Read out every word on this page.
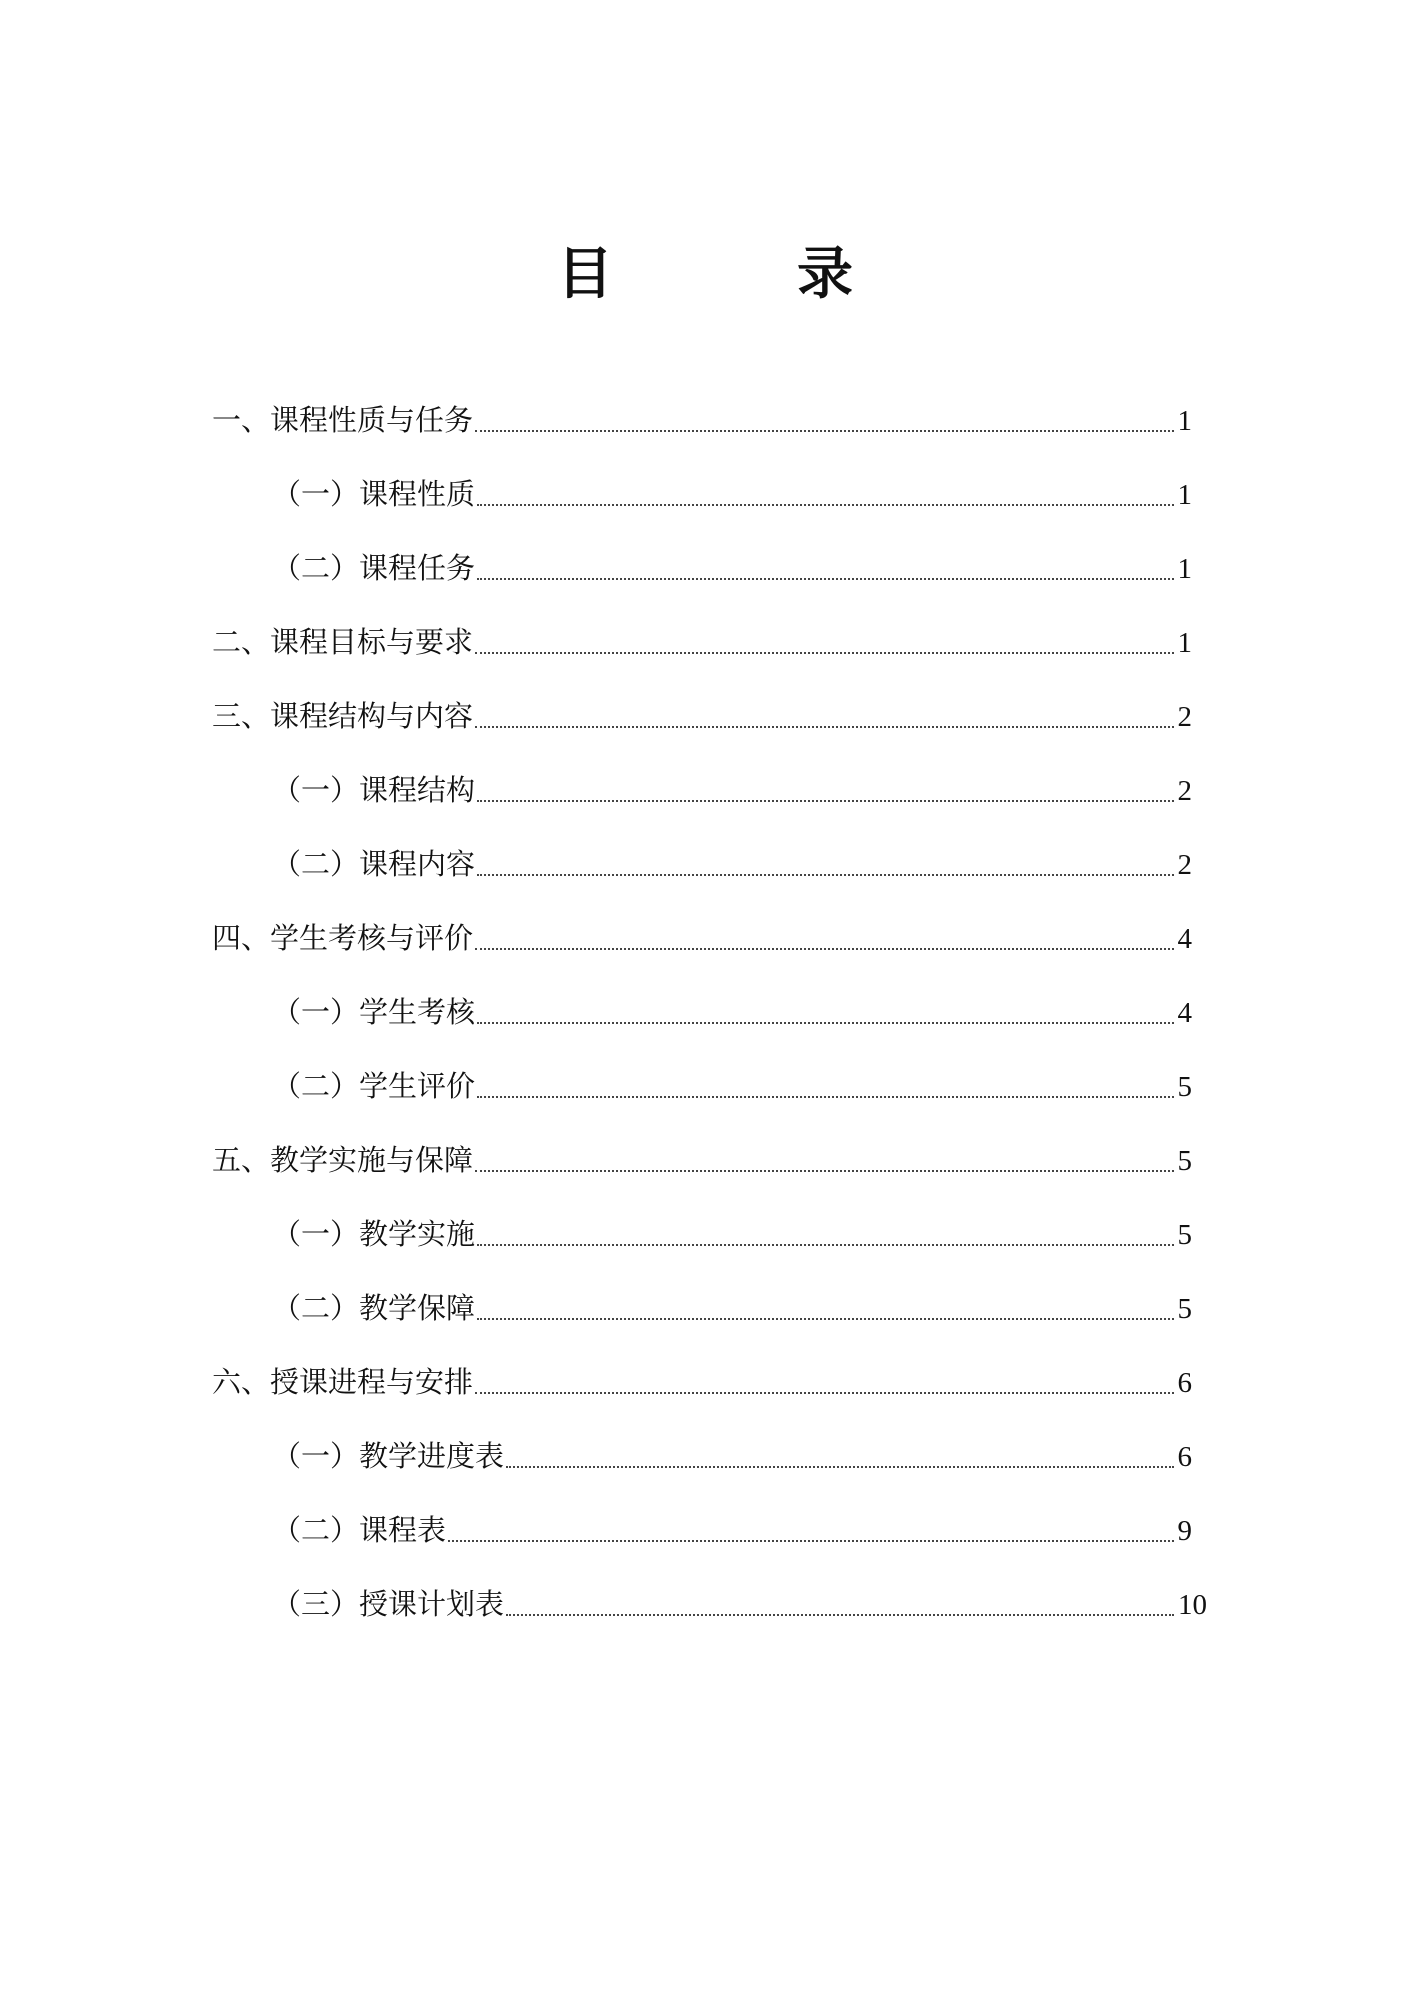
目　录
一、课程性质与任务	1
（一）课程性质	1
（二）课程任务	1
二、课程目标与要求	1
三、课程结构与内容	2
（一）课程结构	2
（二）课程内容	2
四、学生考核与评价	4
（一）学生考核	4
（二）学生评价	5
五、教学实施与保障	5
（一）教学实施	5
（二）教学保障	5
六、授课进程与安排	6
（一）教学进度表	6
（二）课程表	9
（三）授课计划表	10
